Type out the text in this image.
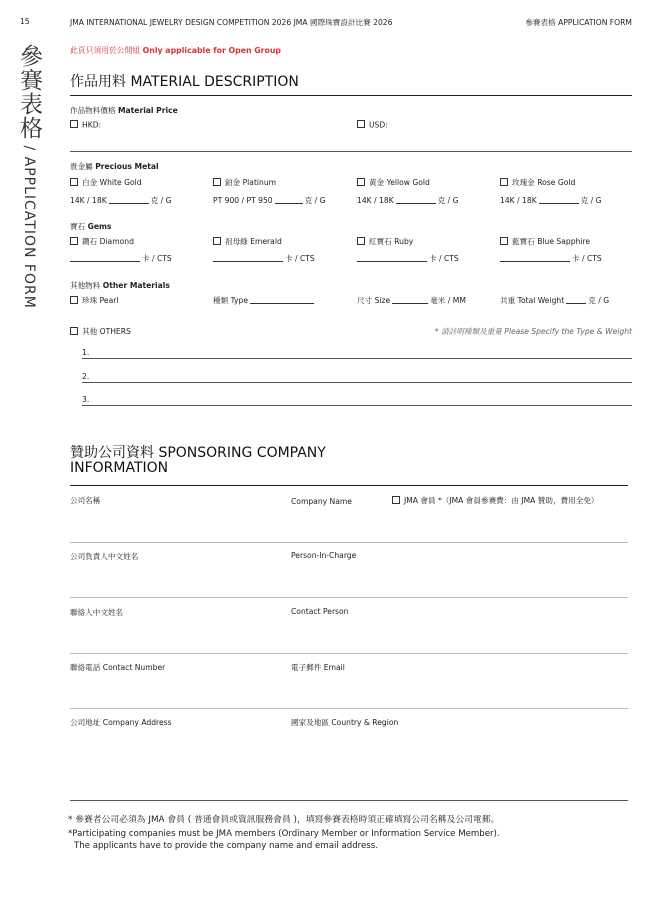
15	JMA INTERNATIONAL JEWELRY DESIGN COMPETITION 2026 JMA 國際珠寶設計比賽 2026	參賽表格 APPLICATION FORM
參賽表格 / APPLICATION FORM
此頁只須用於公開組 Only applicable for Open Group
作品用料 MATERIAL DESCRIPTION
作品物料價格 Material Price
HKD:	USD:
貴金屬 Precious Metal
白金 White Gold	鉑金 Platinum	黃金 Yellow Gold	玫瑰金 Rose Gold
14K / 18K	克 / G	PT 900 / PT 950	克 / G	14K / 18K	克 / G	14K / 18K	克 / G
寶石 Gems
鑽石 Diamond	祖母綠 Emerald	紅寶石 Ruby	藍寶石 Blue Sapphire
卡 / CTS	卡 / CTS	卡 / CTS	卡 / CTS
其他物料 Other Materials
珍珠 Pearl	種類 Type	尺寸 Size	毫米 / MM	共重 Total Weight	克 / G
其他 OTHERS	* 請註明種類及重量 Please Specify the Type & Weight
1.
2.
3.
贊助公司資料 SPONSORING COMPANY
INFORMATION
公司名稱	Company Name	JMA 會員 *（JMA 會員參賽費：由 JMA 贊助，費用全免）
公司負責人中文姓名	Person-In-Charge
聯絡人中文姓名	Contact Person
聯絡電話 Contact Number	電子郵件 Email
公司地址 Company Address	國家及地區 Country & Region
* 參賽者公司必須為 JMA 會員 ( 普通會員或資訊服務會員 )，填寫參賽表格時須正確填寫公司名稱及公司電郵。
*Participating companies must be JMA members (Ordinary Member or Information Service Member).
The applicants have to provide the company name and email address.
